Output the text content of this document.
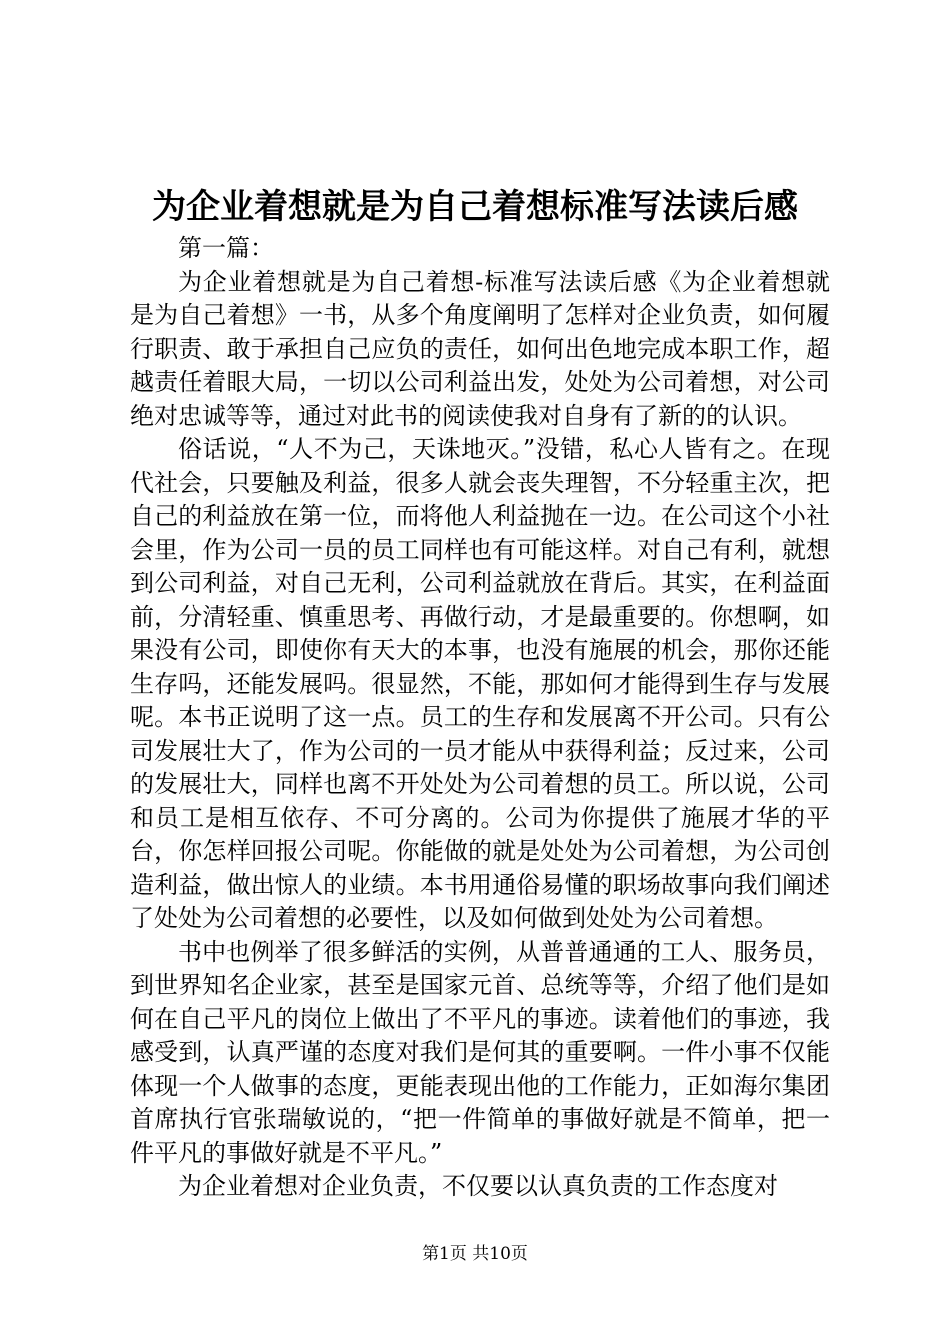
为企业着想就是为自己着想标准写法读后感

第一篇：

为企业着想就是为自己着想-标准写法读后感《为企业着想就是为自己着想》一书，从多个角度阐明了怎样对企业负责，如何履行职责、敢于承担自己应负的责任，如何出色地完成本职工作，超越责任着眼大局，一切以公司利益出发，处处为公司着想，对公司绝对忠诚等等，通过对此书的阅读使我对自身有了新的的认识。

俗话说，“人不为己，天诛地灭。”没错，私心人皆有之。在现代社会，只要触及利益，很多人就会丧失理智，不分轻重主次，把自己的利益放在第一位，而将他人利益抛在一边。在公司这个小社会里，作为公司一员的员工同样也有可能这样。对自己有利，就想到公司利益，对自己无利，公司利益就放在背后。其实，在利益面前，分清轻重、慎重思考、再做行动，才是最重要的。你想啊，如果没有公司，即使你有天大的本事，也没有施展的机会，那你还能生存吗，还能发展吗。很显然，不能，那如何才能得到生存与发展呢。本书正说明了这一点。员工的生存和发展离不开公司。只有公司发展壮大了，作为公司的一员才能从中获得利益；反过来，公司的发展壮大，同样也离不开处处为公司着想的员工。所以说，公司和员工是相互依存、不可分离的。公司为你提供了施展才华的平台，你怎样回报公司呢。你能做的就是处处为公司着想，为公司创造利益，做出惊人的业绩。本书用通俗易懂的职场故事向我们阐述了处处为公司着想的必要性，以及如何做到处处为公司着想。

书中也例举了很多鲜活的实例，从普普通通的工人、服务员，到世界知名企业家，甚至是国家元首、总统等等，介绍了他们是如何在自己平凡的岗位上做出了不平凡的事迹。读着他们的事迹，我感受到，认真严谨的态度对我们是何其的重要啊。一件小事不仅能体现一个人做事的态度，更能表现出他的工作能力，正如海尔集团首席执行官张瑞敏说的，“把一件简单的事做好就是不简单，把一件平凡的事做好就是不平凡。”

为企业着想对企业负责，不仅要以认真负责的工作态度对

第1页 共10页
